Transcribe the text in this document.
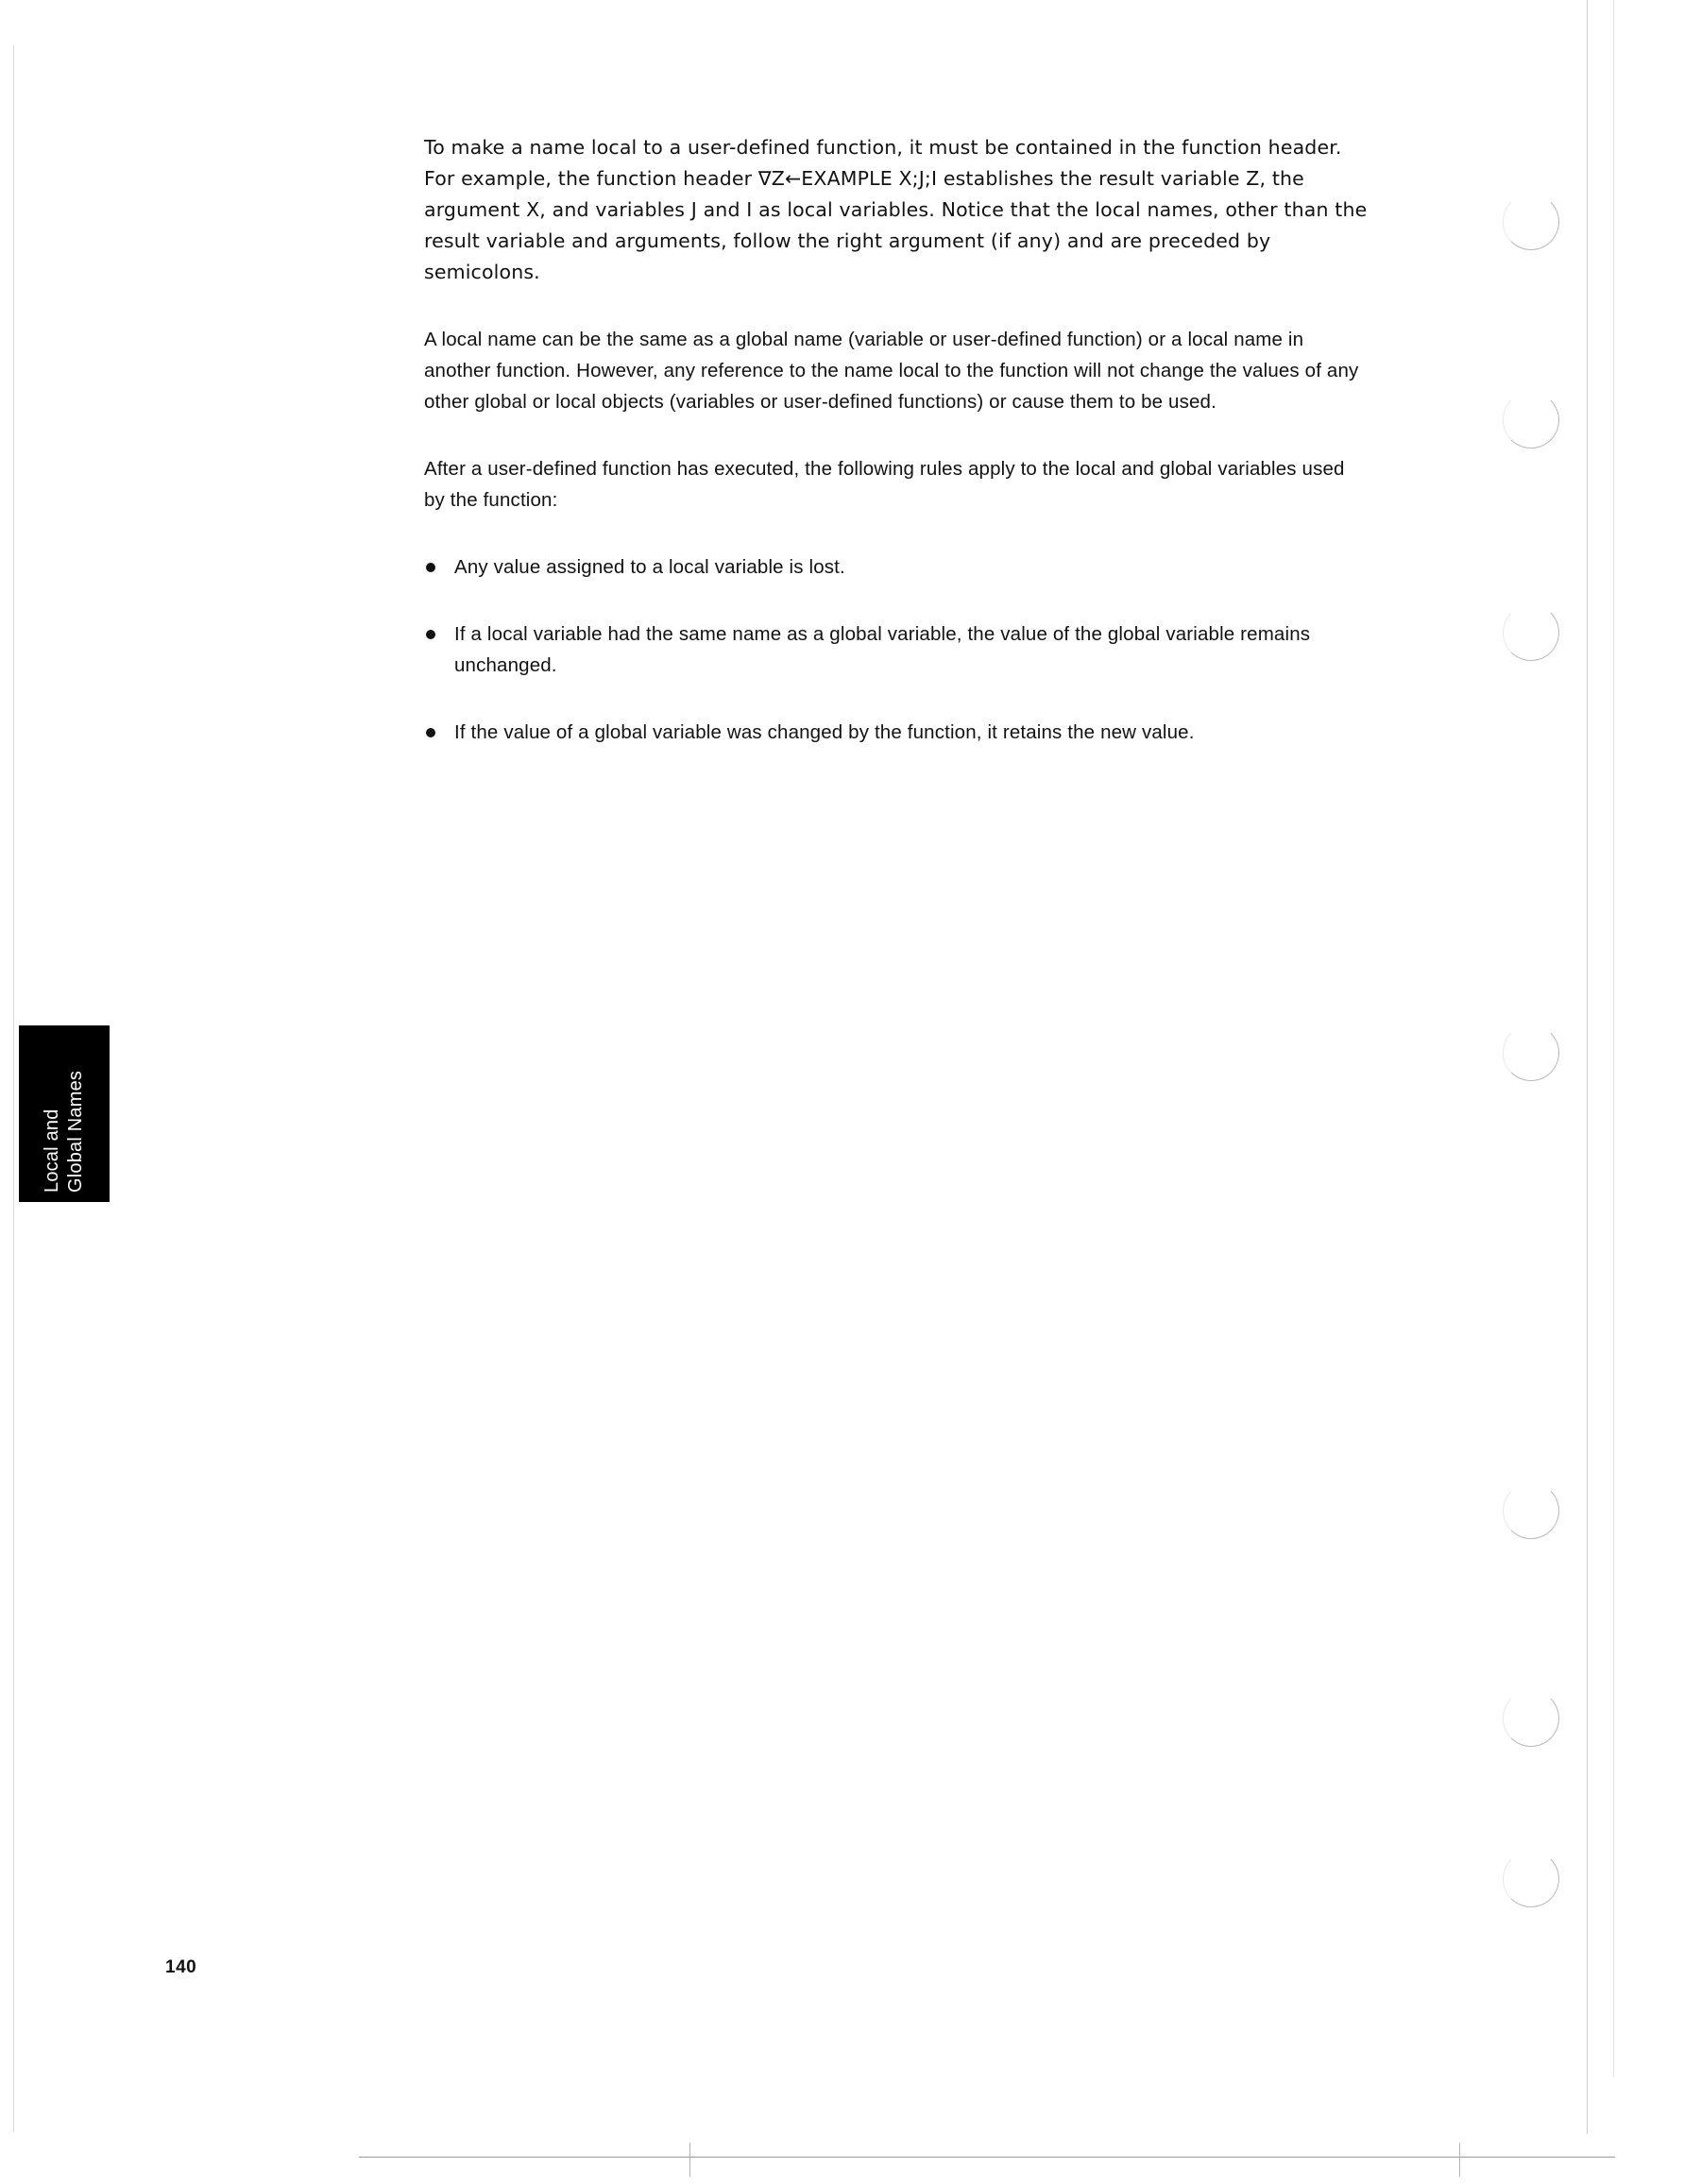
Local and Global Names

To make a name local to a user-defined function, it must be contained in the function header. For example, the function header ∇Z←EXAMPLE X;J;I establishes the result variable Z, the argument X, and variables J and I as local variables. Notice that the local names, other than the result variable and arguments, follow the right argument (if any) and are preceded by semicolons.

A local name can be the same as a global name (variable or user-defined function) or a local name in another function. However, any reference to the name local to the function will not change the values of any other global or local objects (variables or user-defined functions) or cause them to be used.

After a user-defined function has executed, the following rules apply to the local and global variables used by the function:

Any value assigned to a local variable is lost.
If a local variable had the same name as a global variable, the value of the global variable remains unchanged.
If the value of a global variable was changed by the function, it retains the new value.
140
